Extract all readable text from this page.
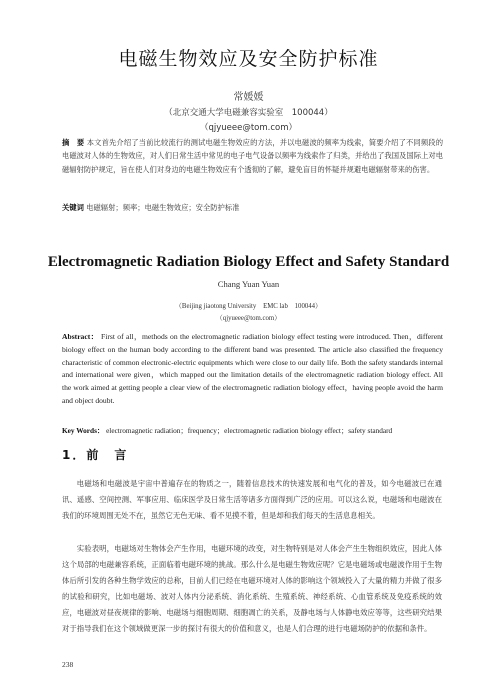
电磁生物效应及安全防护标准
常媛媛
（北京交通大学电磁兼容实验室　100044）
（qjyueee@tom.com）
摘　要 本文首先介绍了当前比较流行的测试电磁生物效应的方法，并以电磁波的频率为线索，简要介绍了不同频段的电磁波对人体的生物效应，对人们日常生活中常见的电子电气设备以频率为线索作了归类，并给出了我国及国际上对电磁辐射防护规定，旨在使人们对身边的电磁生物效应有个透彻的了解，避免盲目的怀疑并规避电磁辐射带来的伤害。
关键词 电磁辐射；频率；电磁生物效应；安全防护标准
Electromagnetic Radiation Biology Effect and Safety Standard
Chang Yuan Yuan
（Beijing jiaotong University　EMC lab　100044）
（qjyueee@tom.com）
Abstract： First of all，methods on the electromagnetic radiation biology effect testing were introduced. Then，different biology effect on the human body according to the different band was presented. The article also classified the frequency characteristic of common electronic-electric equipments which were close to our daily life. Both the safety standards internal and international were given，which mapped out the limitation details of the electromagnetic radiation biology effect. All the work aimed at getting people a clear view of the electromagnetic radiation biology effect，having people avoid the harm and object doubt.
Key Words： electromagnetic radiation；frequency；electromagnetic radiation biology effect；safety standard
1．前　言
电磁场和电磁波是宇宙中普遍存在的物质之一，随着信息技术的快速发展和电气化的普及，如今电磁波已在通讯、遥感、空间控测、军事应用、临床医学及日常生活等诸多方面得到广泛的应用。可以这么说，电磁场和电磁波在我们的环境周围无处不在，虽然它无色无味、看不见摸不着，但是却和我们每天的生活息息相关。
实验表明，电磁场对生物体会产生作用，电磁环境的改变，对生物特别是对人体会产生生物组织效应，因此人体这个局部的电磁兼容系统，正面临着电磁环境的挑战。那么什么是电磁生物效应呢？它是电磁场或电磁波作用于生物体后所引发的各种生物学效应的总称，目前人们已经在电磁环境对人体的影响这个领域投入了大量的精力并做了很多的试验和研究，比如电磁场、波对人体内分泌系统、消化系统、生殖系统、神经系统、心血管系统及免疫系统的效应，电磁波对昼夜规律的影响、电磁场与细胞周期、细胞凋亡的关系，及静电场与人体静电效应等等，这些研究结果对于指导我们在这个领域做更深一步的探讨有很大的价值和意义，也是人们合理的进行电磁场防护的依据和条件。
238
